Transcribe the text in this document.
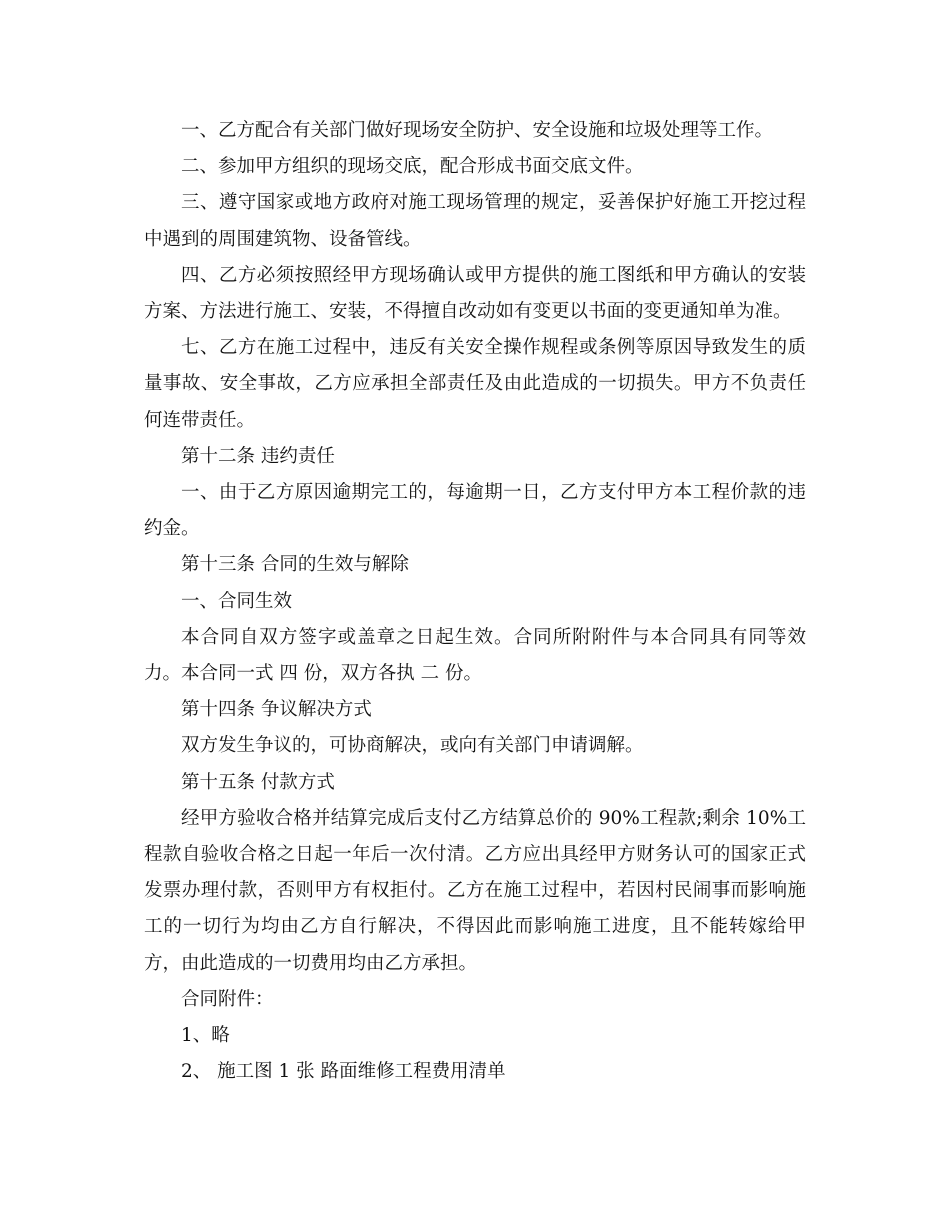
一、乙方配合有关部门做好现场安全防护、安全设施和垃圾处理等工作。

二、参加甲方组织的现场交底，配合形成书面交底文件。

三、遵守国家或地方政府对施工现场管理的规定，妥善保护好施工开挖过程中遇到的周围建筑物、设备管线。

四、乙方必须按照经甲方现场确认或甲方提供的施工图纸和甲方确认的安装方案、方法进行施工、安装，不得擅自改动如有变更以书面的变更通知单为准。

七、乙方在施工过程中，违反有关安全操作规程或条例等原因导致发生的质量事故、安全事故，乙方应承担全部责任及由此造成的一切损失。甲方不负责任何连带责任。

第十二条 违约责任

一、由于乙方原因逾期完工的，每逾期一日，乙方支付甲方本工程价款的违约金。

第十三条 合同的生效与解除

一、合同生效

本合同自双方签字或盖章之日起生效。合同所附附件与本合同具有同等效力。本合同一式 四 份，双方各执 二 份。

第十四条 争议解决方式

双方发生争议的，可协商解决，或向有关部门申请调解。

第十五条 付款方式

经甲方验收合格并结算完成后支付乙方结算总价的 90%工程款;剩余 10%工程款自验收合格之日起一年后一次付清。乙方应出具经甲方财务认可的国家正式发票办理付款，否则甲方有权拒付。乙方在施工过程中，若因村民闹事而影响施工的一切行为均由乙方自行解决，不得因此而影响施工进度，且不能转嫁给甲方，由此造成的一切费用均由乙方承担。

合同附件：

1、略

2、 施工图 1 张 路面维修工程费用清单
